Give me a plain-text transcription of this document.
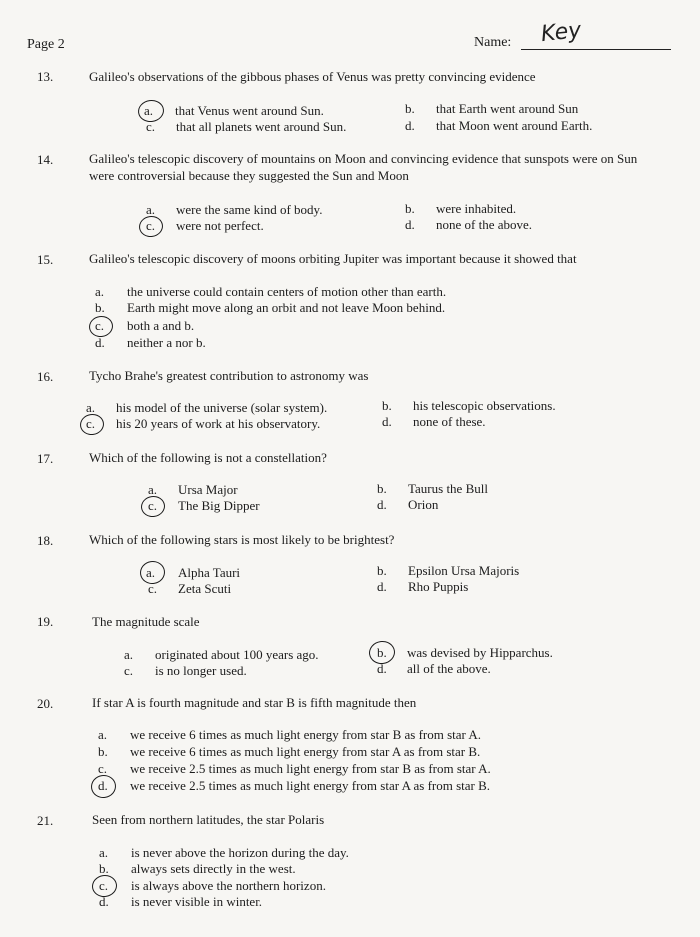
Page 2	Name: Key
13.	Galileo's observations of the gibbous phases of Venus was pretty convincing evidence
a. that Venus went around Sun.	b. that Earth went around Sun
c. that all planets went around Sun.	d. that Moon went around Earth.
14.	Galileo's telescopic discovery of mountains on Moon and convincing evidence that sunspots were on Sun
were controversial because they suggested the Sun and Moon
a. were the same kind of body.	b. were inhabited.
c. were not perfect.	d. none of the above.
15.	Galileo's telescopic discovery of moons orbiting Jupiter was important because it showed that
a. the universe could contain centers of motion other than earth.
b. Earth might move along an orbit and not leave Moon behind.
c. both a and b.
d. neither a nor b.
16.	Tycho Brahe's greatest contribution to astronomy was
a. his model of the universe (solar system).	b. his telescopic observations.
c. his 20 years of work at his observatory.	d. none of these.
17.	Which of the following is not a constellation?
a. Ursa Major	b. Taurus the Bull
c. The Big Dipper	d. Orion
18.	Which of the following stars is most likely to be brightest?
a. Alpha Tauri	b. Epsilon Ursa Majoris
c. Zeta Scuti	d. Rho Puppis
19.	The magnitude scale
a. originated about 100 years ago.	b. was devised by Hipparchus.
c. is no longer used.	d. all of the above.
20.	If star A is fourth magnitude and star B is fifth magnitude then
a. we receive 6 times as much light energy from star B as from star A.
b. we receive 6 times as much light energy from star A as from star B.
c. we receive 2.5 times as much light energy from star B as from star A.
d. we receive 2.5 times as much light energy from star A as from star B.
21.	Seen from northern latitudes, the star Polaris
a. is never above the horizon during the day.
b. always sets directly in the west.
c. is always above the northern horizon.
d. is never visible in winter.
